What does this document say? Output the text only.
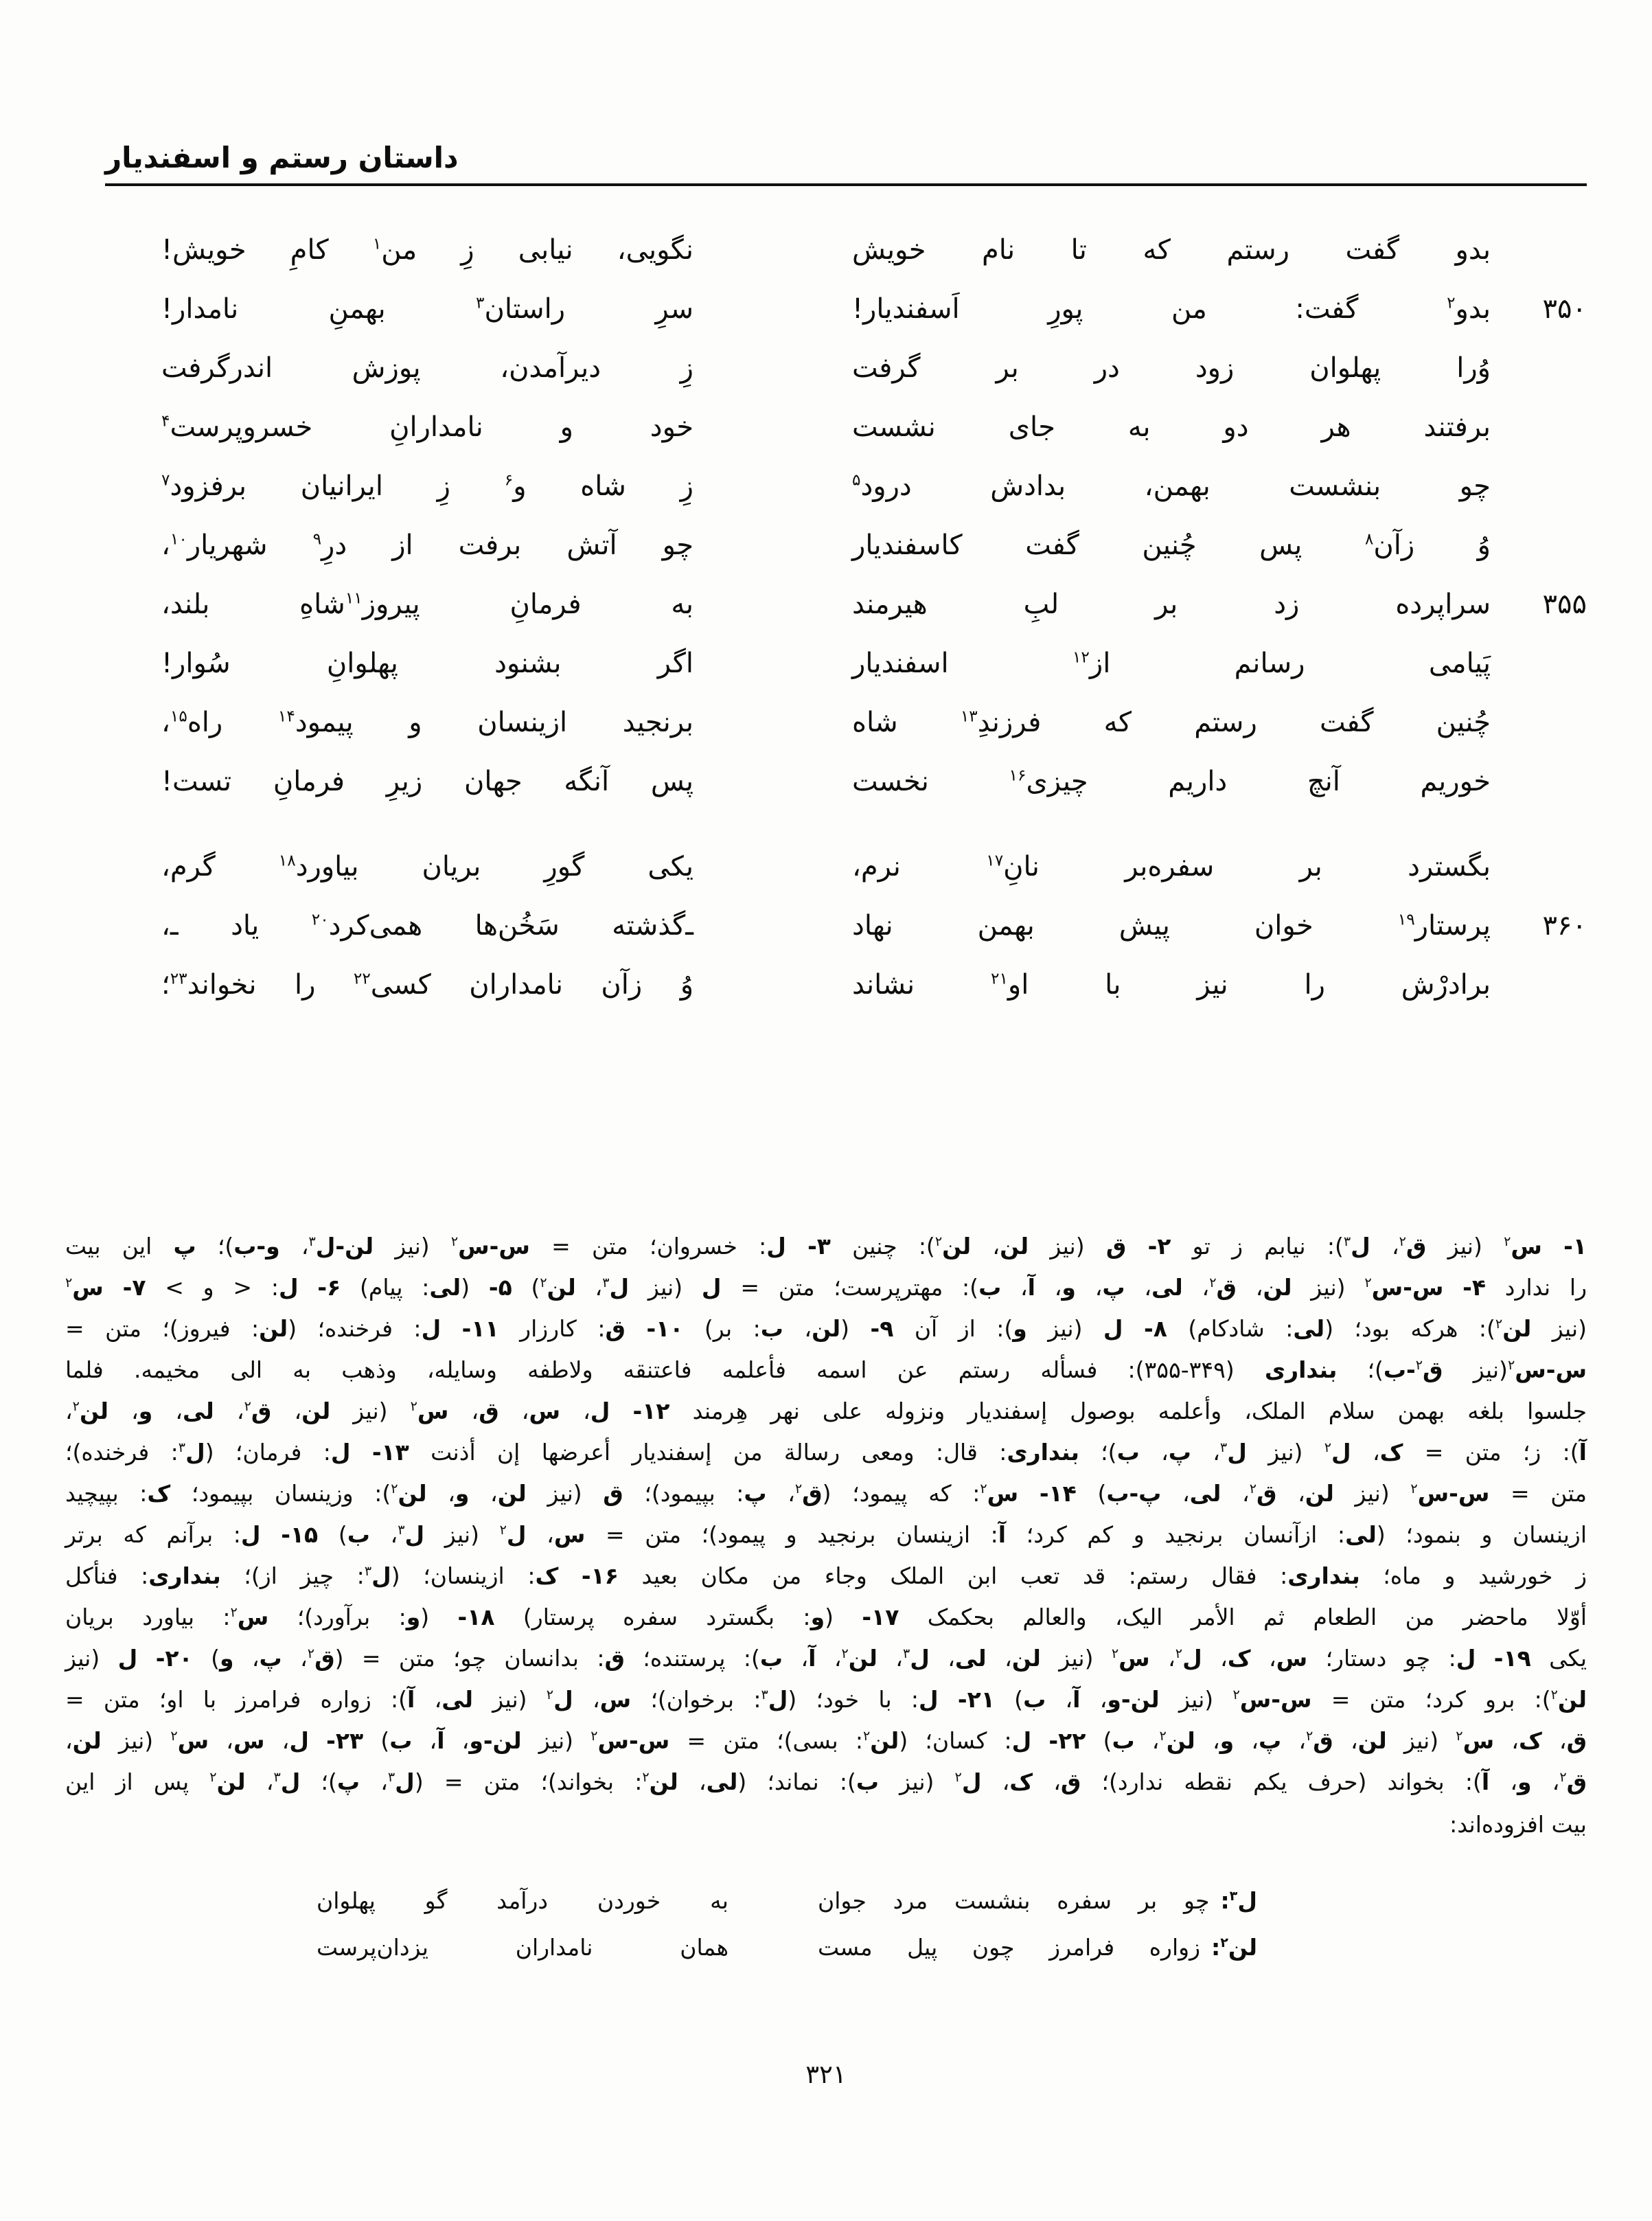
داستان رستم و اسفندیار
بدو گفت رستم که تا نام خویش
نگویی، نیابی زِ من$^۱$ کامِ خویش!
۳۵۰
بدو$^۲$ گفت: من پورِ اَسفندیار!
سرِ راستان$^۳$ بهمنِ نامدار!
وُرا پهلوان زود در بر گرفت
زِ دیرآمدن، پوزش اندرگرفت
برفتند هر دو به جای نشست
خود و نامدارانِ خسروپرست$^۴$
چو بنشست بهمن، بدادش درود$^۵$
زِ شاه و$^۶$ زِ ایرانیان برفزود$^۷$
وُ زآن$^۸$ پس چُنین گفت کاسفندیار
چو آتش برفت از درِ$^۹$ شهریار$^{۱۰}$،
۳۵۵
سراپرده زد بر لبِ هیرمند
به فرمانِ پیروز$^{۱۱}$شاهِ بلند،
پَیامی رسانم از$^{۱۲}$ اسفندیار
اگر بشنود پهلوانِ سُوار!
چُنین گفت رستم که فرزندِ$^{۱۳}$ شاه
برنجید ازینسان و پیمود$^{۱۴}$ راه$^{۱۵}$،
خوریم آنچ داریم چیزی$^{۱۶}$ نخست
پس آنگه جهان زیرِ فرمانِ تست!
بگسترد بر سفره‌بر نانِ$^{۱۷}$ نرم،
یکی گورِ بریان بیاورد$^{۱۸}$ گرم،
۳۶۰
پرستار$^{۱۹}$ خوان پیش بهمن نهاد
ـ‌گذشته سَخُن‌ها همی‌کرد$^{۲۰}$ یاد ـ،
برادرْش را نیز با او$^{۲۱}$ نشاند
وُ زآن نامداران کسی$^{۲۲}$ را نخواند$^{۲۳}$؛
۱- س$^۲$ (نیز ق$^۲$، ل$^۳$): نیابم ز تو ۲- ق (نیز لن، لن$^۲$): چنین ۳- ل: خسروان؛ متن = س-س$^۲$ (نیز لن-ل$^۳$، و-ب)؛ پ این بیت
را ندارد ۴- س-س$^۲$ (نیز لن، ق$^۲$، لی، پ، و، آ، ب): مهترپرست؛ متن = ل (نیز ل$^۳$، لن$^۲$) ۵- (لی: پیام) ۶- ل: < و > ۷- س$^۲$
(نیز لن$^۲$): هرکه بود؛ (لی: شادکام) ۸- ل (نیز و): از آن ۹- (لن، ب: بر) ۱۰- ق: کارزار ۱۱- ل: فرخنده؛ (لن: فیروز)؛ متن =
س-س$^۲$(نیز ق$^۲$-ب)؛ بنداری (۳۴۹-۳۵۵): فسأله رستم عن اسمه فأعلمه فاعتنقه ولاطفه وسایله، وذهب به الی مخیمه. فلما
جلسوا بلغه بهمن سلام الملک، وأعلمه بوصول إسفندیار ونزوله علی نهر هِرمند ۱۲- ل، س، ق، س$^۲$ (نیز لن، ق$^۲$، لی، و، لن$^۲$،
آ): ز؛ متن = ک، ل$^۲$ (نیز ل$^۳$، پ، ب)؛ بنداری: قال: ومعی رسالة من إسفندیار أعرضها إن أذنت ۱۳- ل: فرمان؛ (ل$^۳$: فرخنده)؛
متن = س-س$^۲$ (نیز لن، ق$^۲$، لی، پ-ب) ۱۴- س$^۲$: که پیمود؛ (ق$^۲$، پ: بپیمود)؛ ق (نیز لن، و، لن$^۲$): وزینسان بپیمود؛ ک: بپیچید
ازینسان و بنمود؛ (لی: ازآنسان برنجید و کم کرد؛ آ: ازینسان برنجید و پیمود)؛ متن = س، ل$^۲$ (نیز ل$^۳$، ب) ۱۵- ل: برآنم که برتر
ز خورشید و ماه؛ بنداری: فقال رستم: قد تعب ابن الملک وجاء من مکان بعید ۱۶- ک: ازینسان؛ (ل$^۳$: چیز از)؛ بنداری: فنأکل
أوّلا ماحضر من الطعام ثم الأمر الیک، والعالم بحکمک ۱۷- (و: بگسترد سفره پرستار) ۱۸- (و: برآورد)؛ س$^۲$: بیاورد بریان
یکی ۱۹- ل: چو دستار؛ س، ک، ل$^۲$، س$^۲$ (نیز لن، لی، ل$^۳$، لن$^۲$، آ، ب): پرستنده؛ ق: بدانسان چو؛ متن = (ق$^۲$، پ، و) ۲۰- ل (نیز
لن$^۲$): برو کرد؛ متن = س-س$^۲$ (نیز لن-و، آ، ب) ۲۱- ل: با خود؛ (ل$^۳$: برخوان)؛ س، ل$^۲$ (نیز لی، آ): زواره فرامرز با او؛ متن =
ق، ک، س$^۲$ (نیز لن، ق$^۲$، پ، و، لن$^۲$، ب) ۲۲- ل: کسان؛ (لن$^۲$: بسی)؛ متن = س-س$^۲$ (نیز لن-و، آ، ب) ۲۳- ل، س، س$^۲$ (نیز لن،
ق$^۲$، و، آ): بخواند (حرف یکم نقطه ندارد)؛ ق، ک، ل$^۲$ (نیز ب): نماند؛ (لی، لن$^۲$: بخواند)؛ متن = (ل$^۳$، پ)؛ ل$^۳$، لن$^۲$ پس از این
بیت افزوده‌اند:
ل$^۳$:
چو بر سفره بنشست مرد جوان
به خوردن درآمد گو پهلوان
لن$^۲$:
زواره فرامرز چون پیل مست
همان نامداران یزدان‌پرست
۳۲۱
